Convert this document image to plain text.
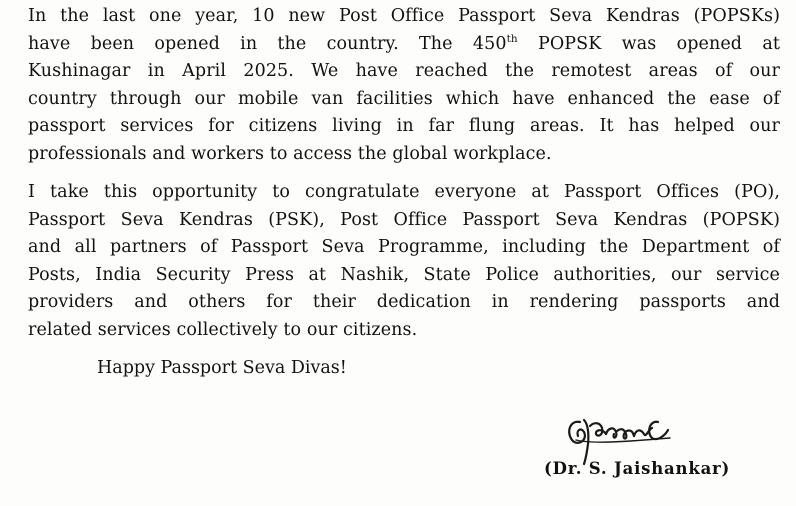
In the last one year, 10 new Post Office Passport Seva Kendras (POPSKs)
have been opened in the country. The 450th POPSK was opened at
Kushinagar in April 2025. We have reached the remotest areas of our
country through our mobile van facilities which have enhanced the ease of
passport services for citizens living in far flung areas. It has helped our
professionals and workers to access the global workplace.
I take this opportunity to congratulate everyone at Passport Offices (PO),
Passport Seva Kendras (PSK), Post Office Passport Seva Kendras (POPSK)
and all partners of Passport Seva Programme, including the Department of
Posts, India Security Press at Nashik, State Police authorities, our service
providers and others for their dedication in rendering passports and
related services collectively to our citizens.

Happy Passport Seva Divas!

(Dr. S. Jaishankar)
